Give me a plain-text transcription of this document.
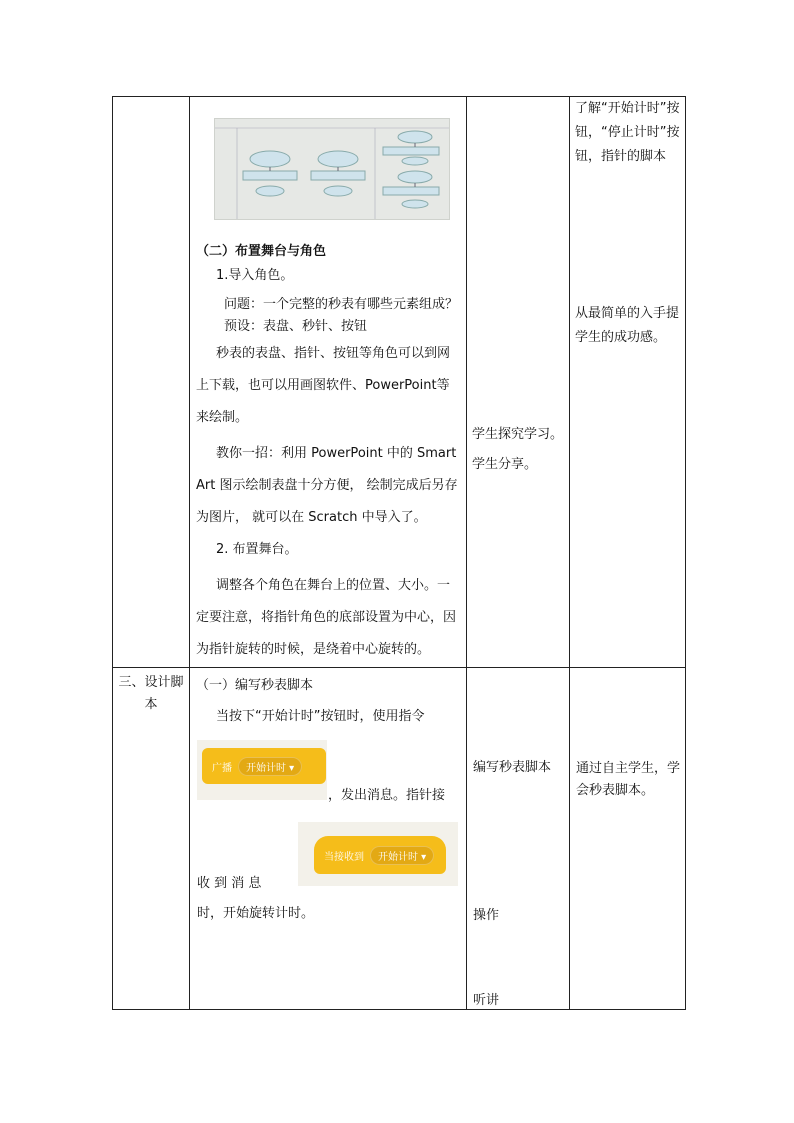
（二）布置舞台与角色

1.导入角色。

问题：一个完整的秒表有哪些元素组成？

预设：表盘、秒针、按钮

秒表的表盘、指针、按钮等角色可以到网上下载，也可以用画图软件、PowerPoint等来绘制。

教你一招：利用 PowerPoint 中的 Smart Art 图示绘制表盘十分方便， 绘制完成后另存为图片， 就可以在 Scratch 中导入了。

2. 布置舞台。

调整各个角色在舞台上的位置、大小。一定要注意，将指针角色的底部设置为中心，因为指针旋转的时候，是绕着中心旋转的。

学生探究学习。学生分享。
了解“开始计时”按钮，“停止计时”按钮，指针的脚本
从最简单的入手提学生的成功感。
三、设计脚本
（一）编写秒表脚本
当按下“开始计时”按钮时，使用指令
广播	开始计时 ▾
，发出消息。指针接
当接收到	开始计时 ▾
收 到 消 息
时，开始旋转计时。
编写秒表脚本
操作
听讲
通过自主学生，学会秒表脚本。
